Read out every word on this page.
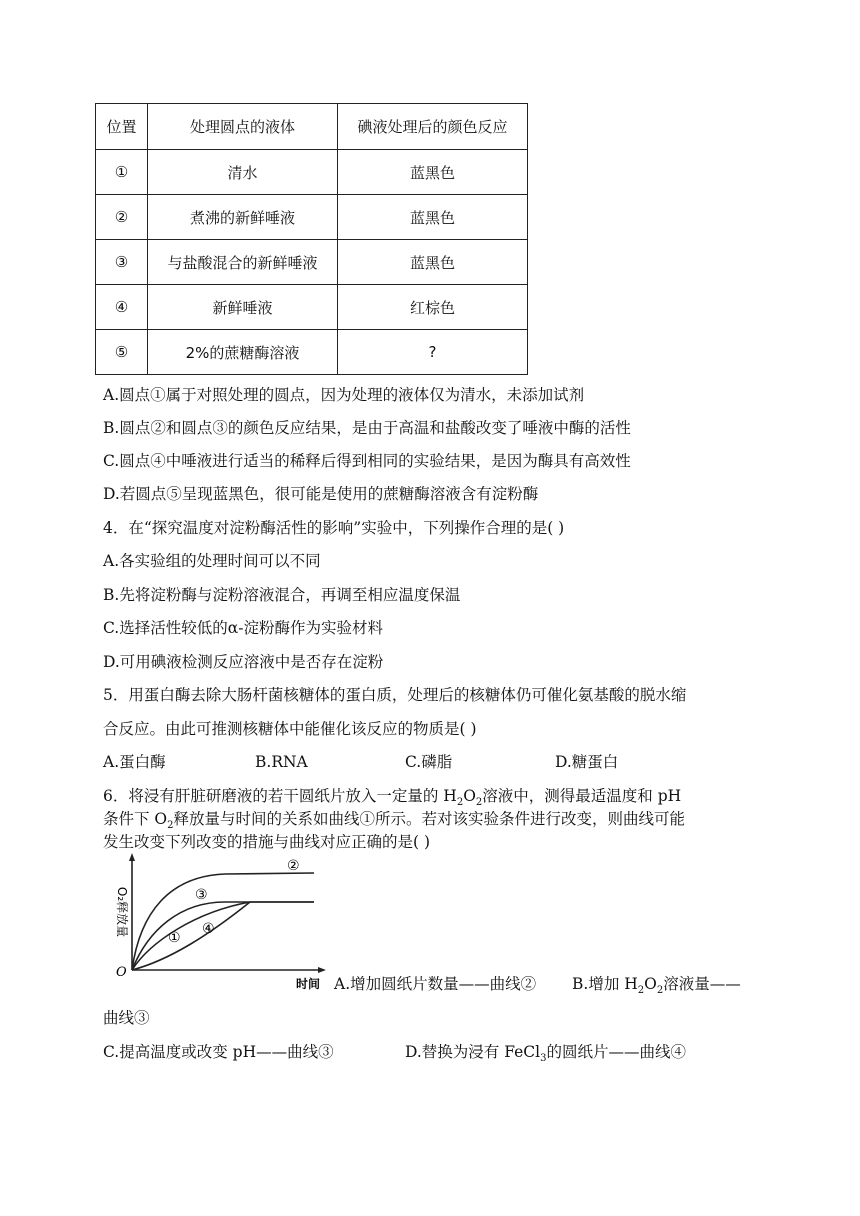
位置	处理圆点的液体	碘液处理后的颜色反应
①	清水	蓝黑色
②	煮沸的新鲜唾液	蓝黑色
③	与盐酸混合的新鲜唾液	蓝黑色
④	新鲜唾液	红棕色
⑤	2%的蔗糖酶溶液	?
A.圆点①属于对照处理的圆点，因为处理的液体仅为清水，未添加试剂
B.圆点②和圆点③的颜色反应结果，是由于高温和盐酸改变了唾液中酶的活性
C.圆点④中唾液进行适当的稀释后得到相同的实验结果，是因为酶具有高效性
D.若圆点⑤呈现蓝黑色，很可能是使用的蔗糖酶溶液含有淀粉酶
4．在“探究温度对淀粉酶活性的影响”实验中，下列操作合理的是( )
A.各实验组的处理时间可以不同
B.先将淀粉酶与淀粉溶液混合，再调至相应温度保温
C.选择活性较低的α-淀粉酶作为实验材料
D.可用碘液检测反应溶液中是否存在淀粉
5．用蛋白酶去除大肠杆菌核糖体的蛋白质，处理后的核糖体仍可催化氨基酸的脱水缩
合反应。由此可推测核糖体中能催化该反应的物质是( )
A.蛋白酶	B.RNA	C.磷脂	D.糖蛋白
6．将浸有肝脏研磨液的若干圆纸片放入一定量的 $H_2O_2$溶液中，测得最适温度和 pH
条件下 $O_2$释放量与时间的关系如曲线①所示。若对该实验条件进行改变，则曲线可能
发生改变下列改变的措施与曲线对应正确的是( )
O₂释放量
时间
O
①
②
③
④
A.增加圆纸片数量——曲线② B.增加 $H_2O_2$溶液量——
曲线③
C.提高温度或改变 pH——曲线③	D.替换为浸有 FeCl$_3$的圆纸片——曲线④
